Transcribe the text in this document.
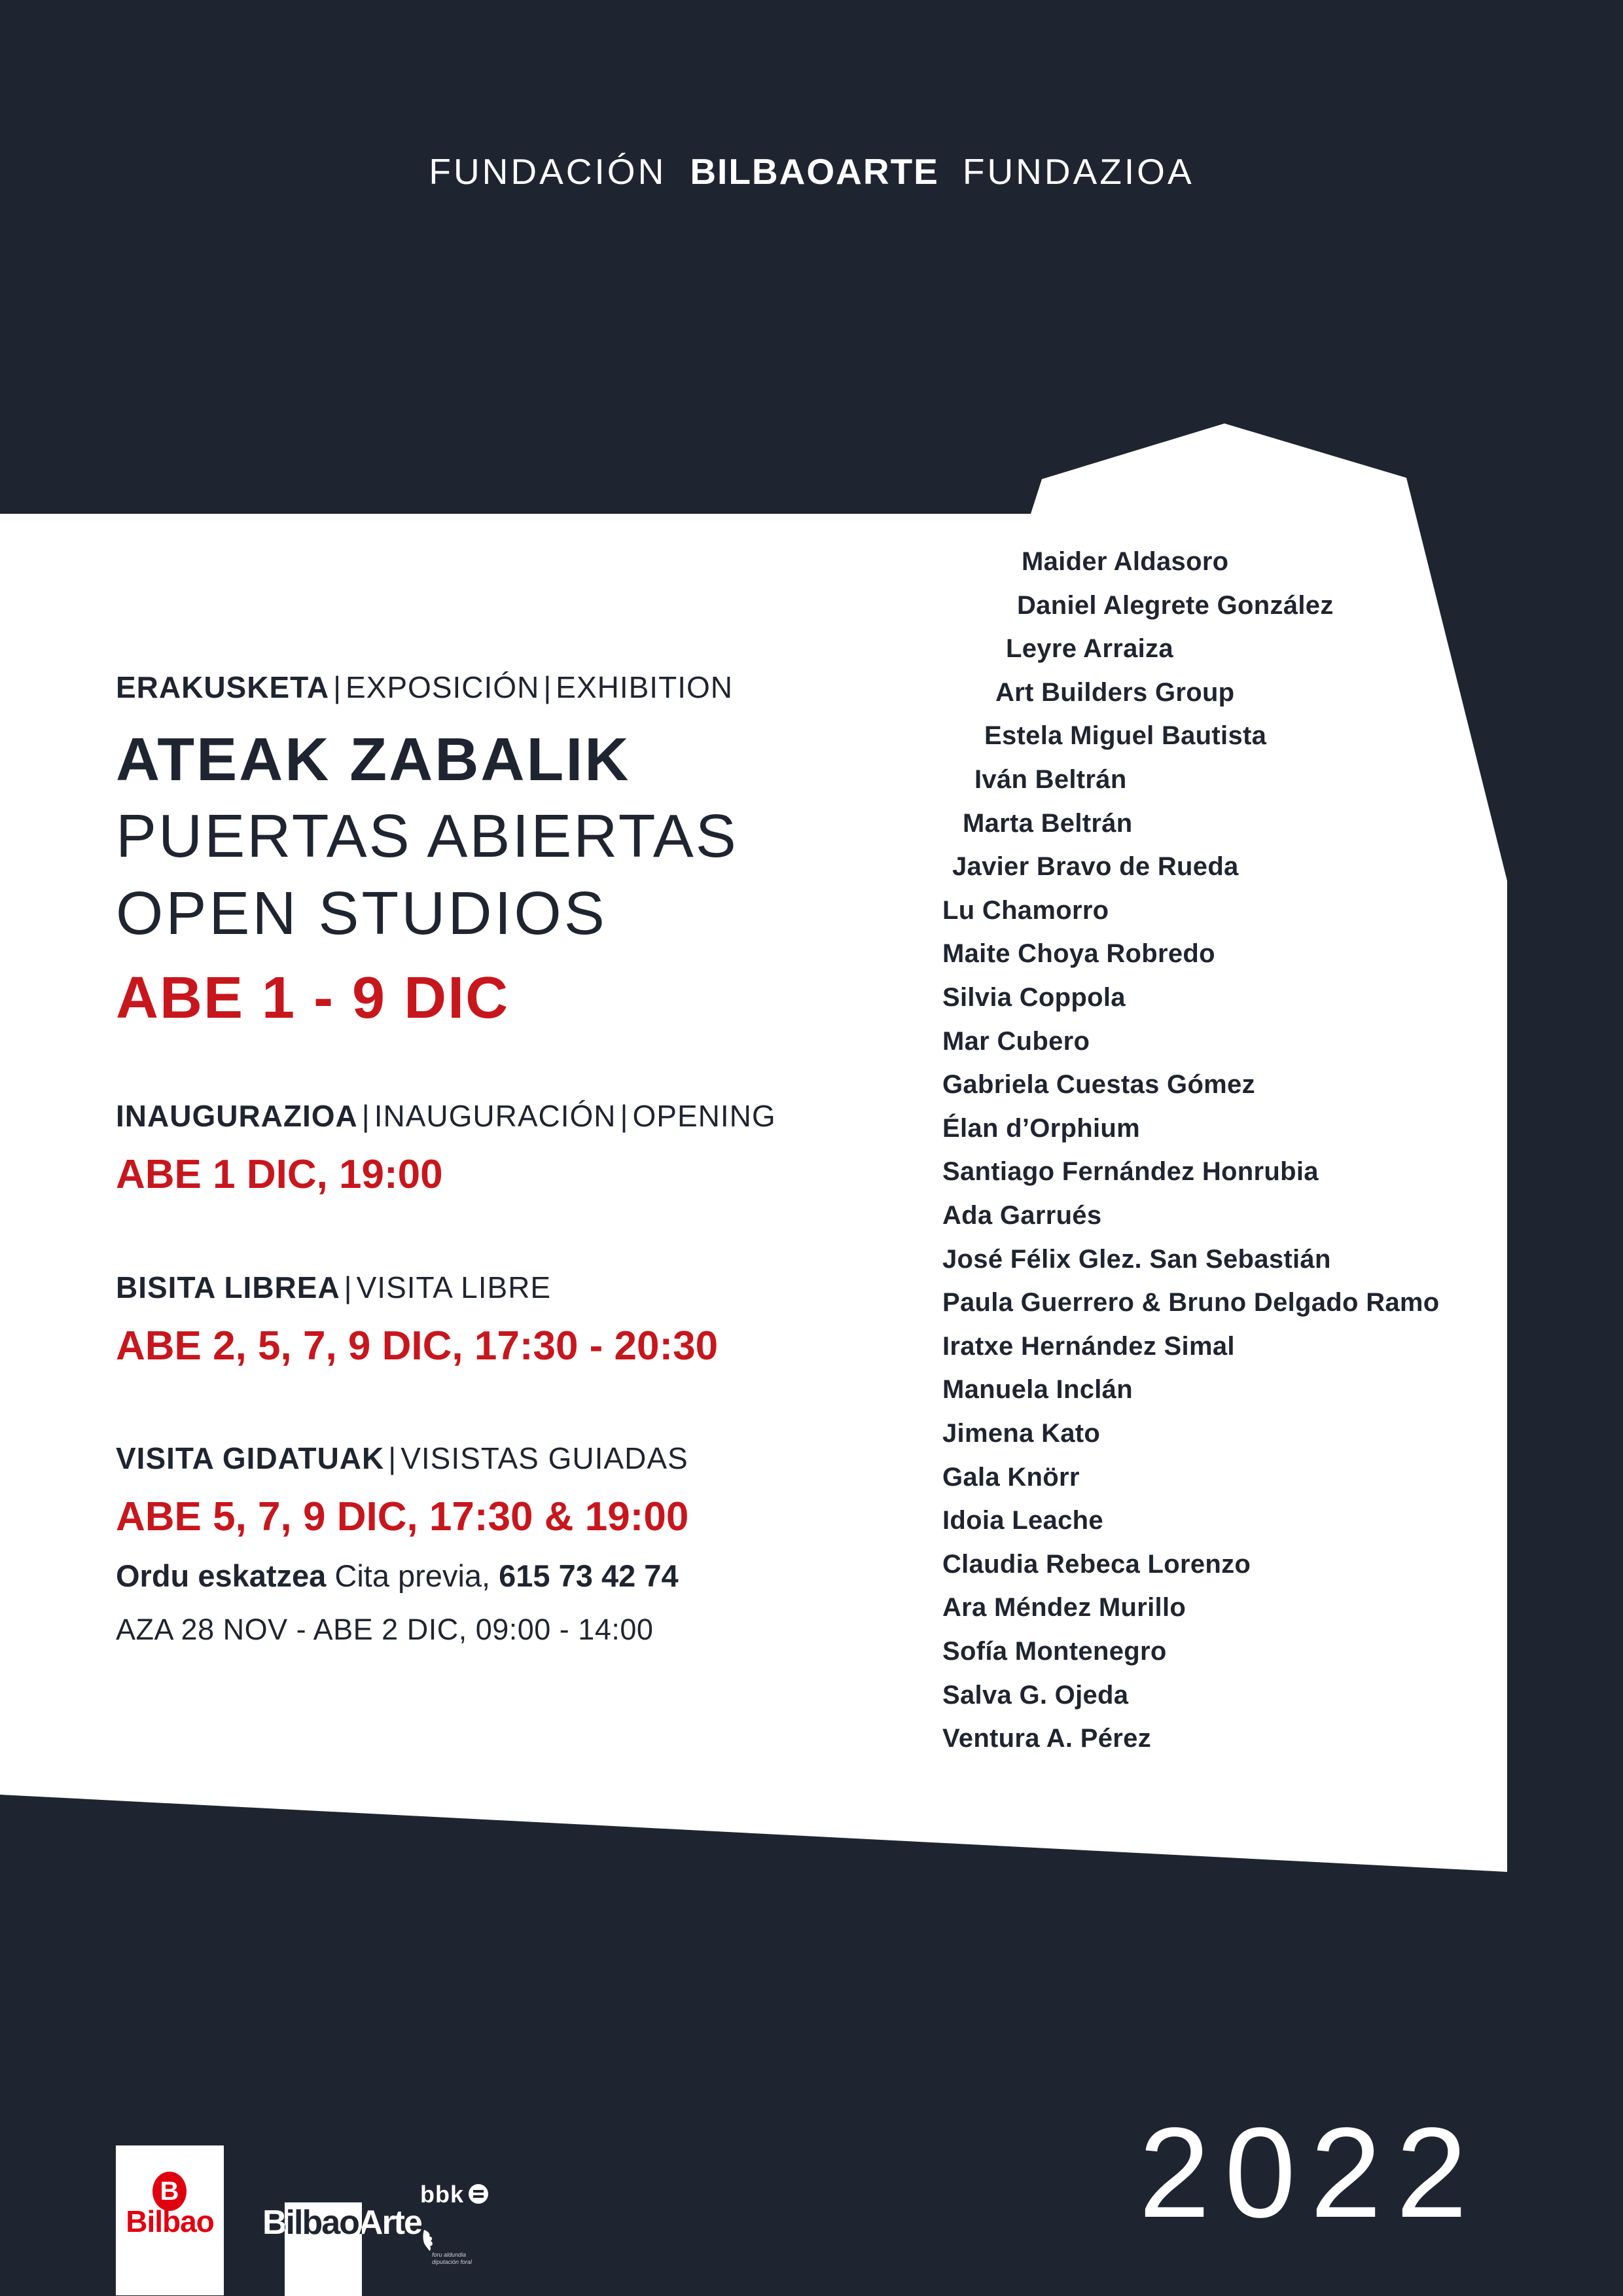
FUNDACIÓN BILBAOARTE FUNDAZIOA
ERAKUSKETA | EXPOSICIÓN | EXHIBITION
ATEAK ZABALIK
PUERTAS ABIERTAS
OPEN STUDIOS
ABE 1 - 9 DIC
INAUGURAZIOA | INAUGURACIÓN | OPENING
ABE 1 DIC, 19:00
BISITA LIBREA | VISITA LIBRE
ABE 2, 5, 7, 9 DIC, 17:30 - 20:30
VISITA GIDATUAK | VISISTAS GUIADAS
ABE 5, 7, 9 DIC, 17:30 & 19:00
Ordu eskatzea Cita previa, 615 73 42 74
AZA 28 NOV - ABE 2 DIC, 09:00 - 14:00
Maider Aldasoro
Daniel Alegrete González
Leyre Arraiza
Art Builders Group
Estela Miguel Bautista
Iván Beltrán
Marta Beltrán
Javier Bravo de Rueda
Lu Chamorro
Maite Choya Robredo
Silvia Coppola
Mar Cubero
Gabriela Cuestas Gómez
Élan d’Orphium
Santiago Fernández Honrubia
Ada Garrués
José Félix Glez. San Sebastián
Paula Guerrero & Bruno Delgado Ramo
Iratxe Hernández Simal
Manuela Inclán
Jimena Kato
Gala Knörr
Idoia Leache
Claudia Rebeca Lorenzo
Ara Méndez Murillo
Sofía Montenegro
Salva G. Ojeda
Ventura A. Pérez
2022
B
Bilbao BilbaoArte
bbk
foru aldundia
diputación foral
